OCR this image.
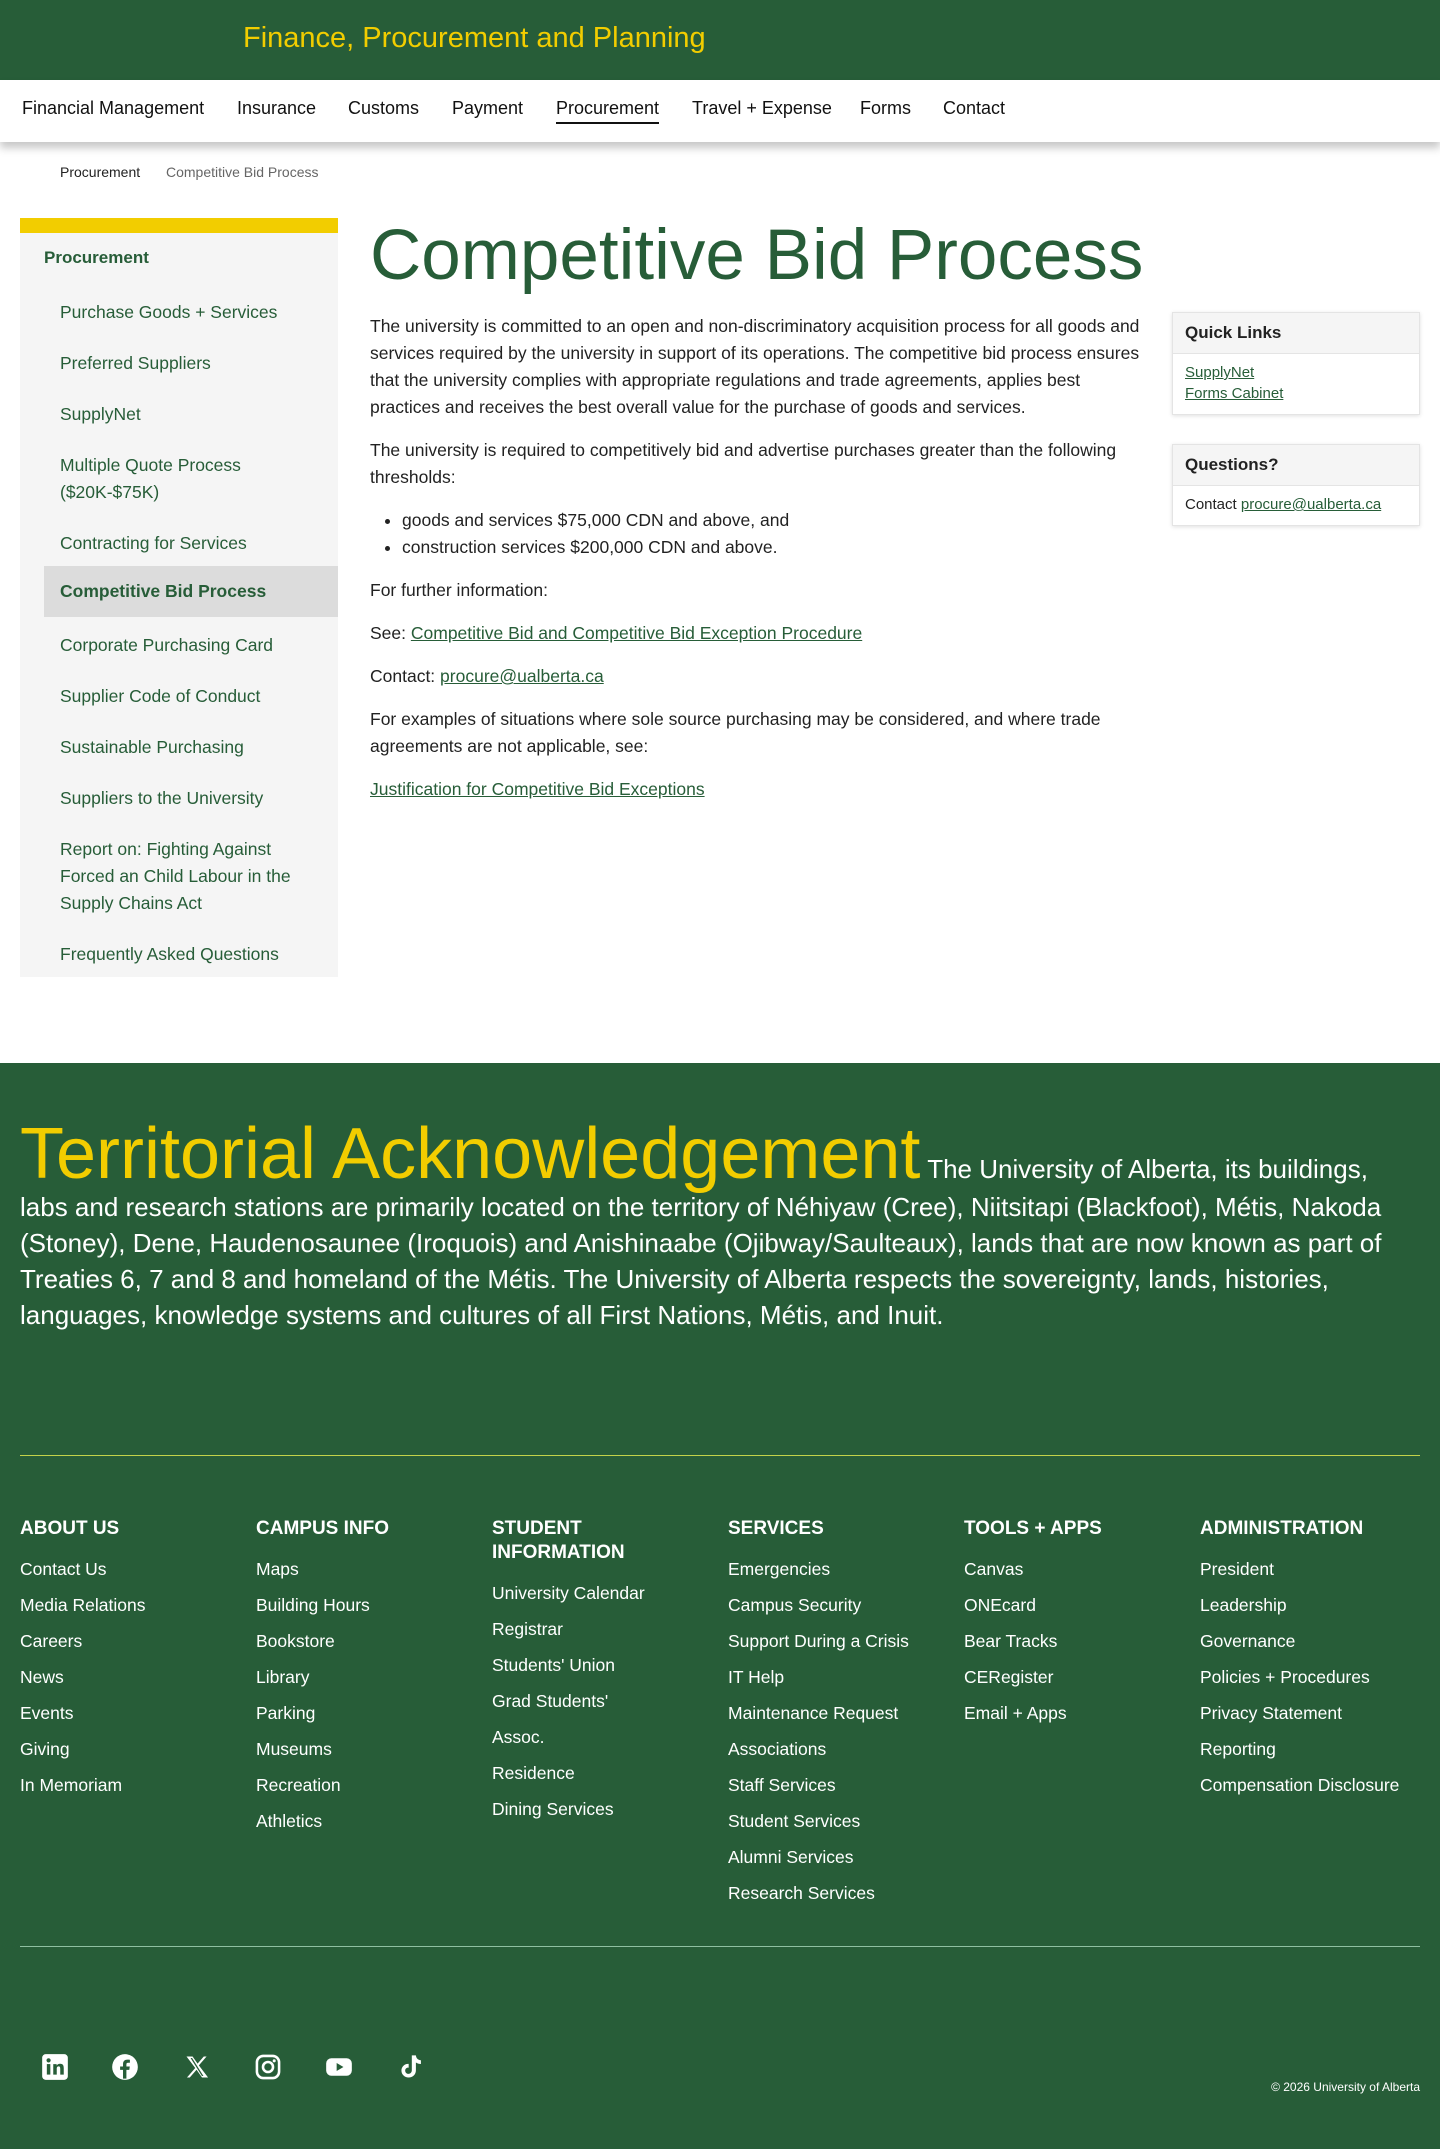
Finance, Procurement and Planning
Financial Management Insurance Customs Payment Procurement Travel + Expense Forms Contact
Procurement Competitive Bid Process
Procurement
Purchase Goods + Services
Preferred Suppliers
SupplyNet
Multiple Quote Process ($20K-$75K)
Contracting for Services
Competitive Bid Process
Corporate Purchasing Card
Supplier Code of Conduct
Sustainable Purchasing
Suppliers to the University
Report on: Fighting Against Forced an Child Labour in the Supply Chains Act
Frequently Asked Questions
Competitive Bid Process

The university is committed to an open and non-discriminatory acquisition process for all goods and services required by the university in support of its operations. The competitive bid process ensures that the university complies with appropriate regulations and trade agreements, applies best practices and receives the best overall value for the purchase of goods and services.

The university is required to competitively bid and advertise purchases greater than the following thresholds:

• goods and services $75,000 CDN and above, and
• construction services $200,000 CDN and above.

For further information:

See: Competitive Bid and Competitive Bid Exception Procedure

Contact: procure@ualberta.ca

For examples of situations where sole source purchasing may be considered, and where trade agreements are not applicable, see:

Justification for Competitive Bid Exceptions

Quick Links
SupplyNet
Forms Cabinet
Questions?
Contact procure@ualberta.ca
Territorial Acknowledgement The University of Alberta, its buildings, labs and research stations are primarily located on the territory of Néhiyaw (Cree), Niitsitapi (Blackfoot), Métis, Nakoda (Stoney), Dene, Haudenosaunee (Iroquois) and Anishinaabe (Ojibway/Saulteaux), lands that are now known as part of Treaties 6, 7 and 8 and homeland of the Métis. The University of Alberta respects the sovereignty, lands, histories, languages, knowledge systems and cultures of all First Nations, Métis, and Inuit.
ABOUT US
Contact Us
Media Relations
Careers
News
Events
Giving
In Memoriam
CAMPUS INFO
Maps
Building Hours
Bookstore
Library
Parking
Museums
Recreation
Athletics
STUDENT INFORMATION
University Calendar
Registrar
Students' Union
Grad Students' Assoc.
Residence
Dining Services
SERVICES
Emergencies
Campus Security
Support During a Crisis
IT Help
Maintenance Request
Associations
Staff Services
Student Services
Alumni Services
Research Services
TOOLS + APPS
Canvas
ONEcard
Bear Tracks
CERegister
Email + Apps
ADMINISTRATION
President
Leadership
Governance
Policies + Procedures
Privacy Statement
Reporting
Compensation Disclosure
© 2026 University of Alberta
